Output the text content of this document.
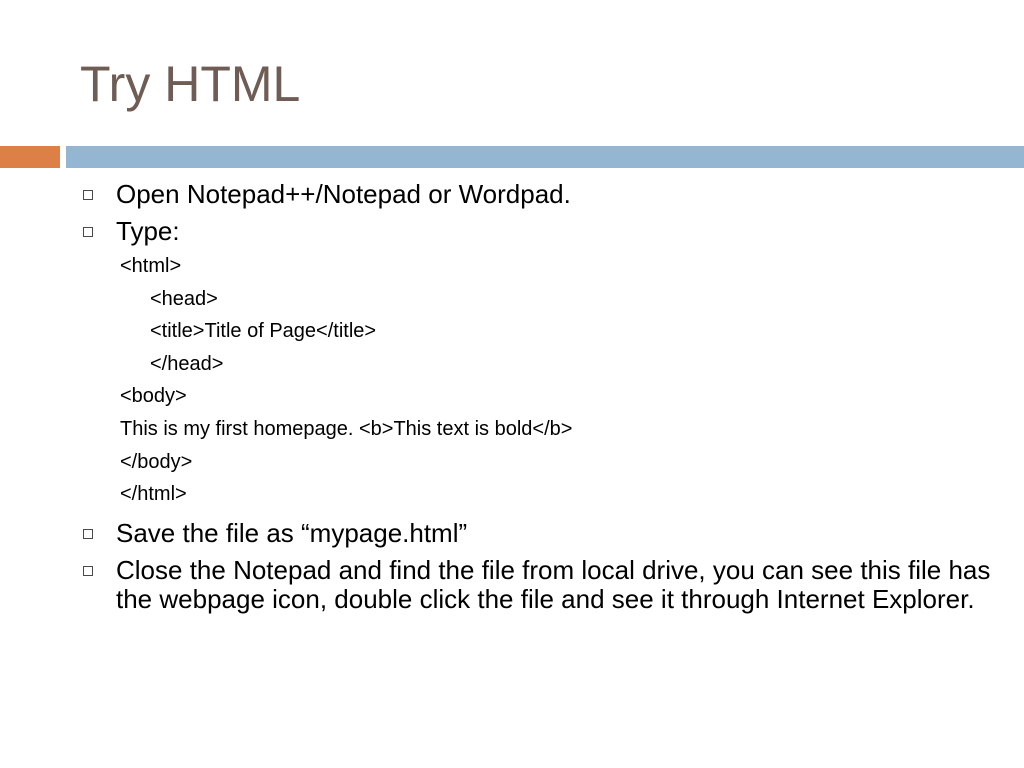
Try HTML
Open Notepad++/Notepad or Wordpad.
Type:
<html>
<head>
<title>Title of Page</title>
</head>
<body>
This is my first homepage. <b>This text is bold</b>
</body>
</html>
Save the file as “mypage.html”
Close the Notepad and find the file from local drive, you can see this file has the webpage icon, double click the file and see it through Internet Explorer.
